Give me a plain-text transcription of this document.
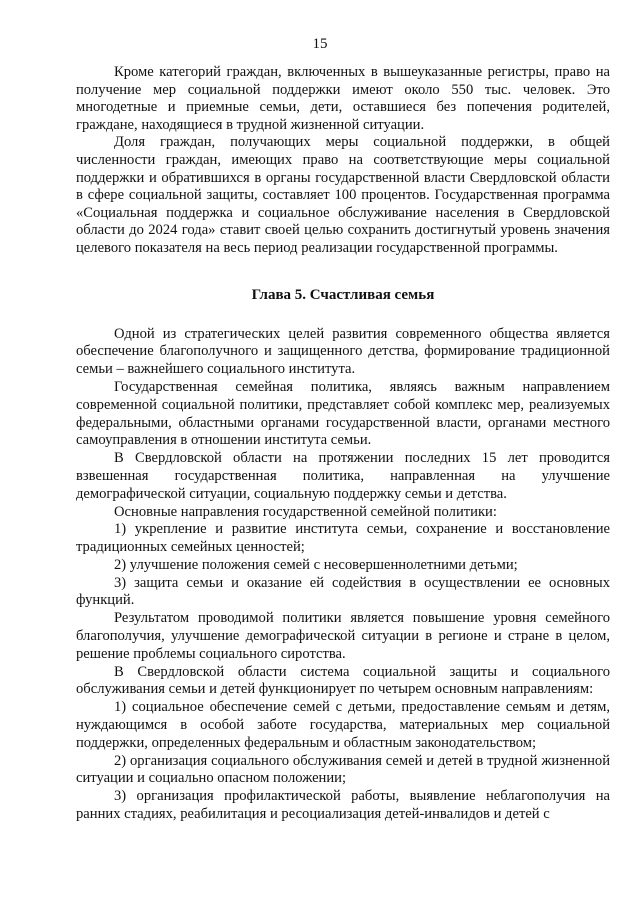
15

Кроме категорий граждан, включенных в вышеуказанные регистры, право на получение мер социальной поддержки имеют около 550 тыс. человек. Это многодетные и приемные семьи, дети, оставшиеся без попечения родителей, граждане, находящиеся в трудной жизненной ситуации.

Доля граждан, получающих меры социальной поддержки, в общей численности граждан, имеющих право на соответствующие меры социальной поддержки и обратившихся в органы государственной власти Свердловской области в сфере социальной защиты, составляет 100 процентов. Государственная программа «Социальная поддержка и социальное обслуживание населения в Свердловской области до 2024 года» ставит своей целью сохранить достигнутый уровень значения целевого показателя на весь период реализации государственной программы.

Глава 5. Счастливая семья

Одной из стратегических целей развития современного общества является обеспечение благополучного и защищенного детства, формирование традиционной семьи – важнейшего социального института.

Государственная семейная политика, являясь важным направлением современной социальной политики, представляет собой комплекс мер, реализуемых федеральными, областными органами государственной власти, органами местного самоуправления в отношении института семьи.

В Свердловской области на протяжении последних 15 лет проводится взвешенная государственная политика, направленная на улучшение демографической ситуации, социальную поддержку семьи и детства.

Основные направления государственной семейной политики:

1) укрепление и развитие института семьи, сохранение и восстановление традиционных семейных ценностей;

2) улучшение положения семей с несовершеннолетними детьми;

3) защита семьи и оказание ей содействия в осуществлении ее основных функций.

Результатом проводимой политики является повышение уровня семейного благополучия, улучшение демографической ситуации в регионе и стране в целом, решение проблемы социального сиротства.

В Свердловской области система социальной защиты и социального обслуживания семьи и детей функционирует по четырем основным направлениям:

1) социальное обеспечение семей с детьми, предоставление семьям и детям, нуждающимся в особой заботе государства, материальных мер социальной поддержки, определенных федеральным и областным законодательством;

2) организация социального обслуживания семей и детей в трудной жизненной ситуации и социально опасном положении;

3) организация профилактической работы, выявление неблагополучия на ранних стадиях, реабилитация и ресоциализация детей-инвалидов и детей с
